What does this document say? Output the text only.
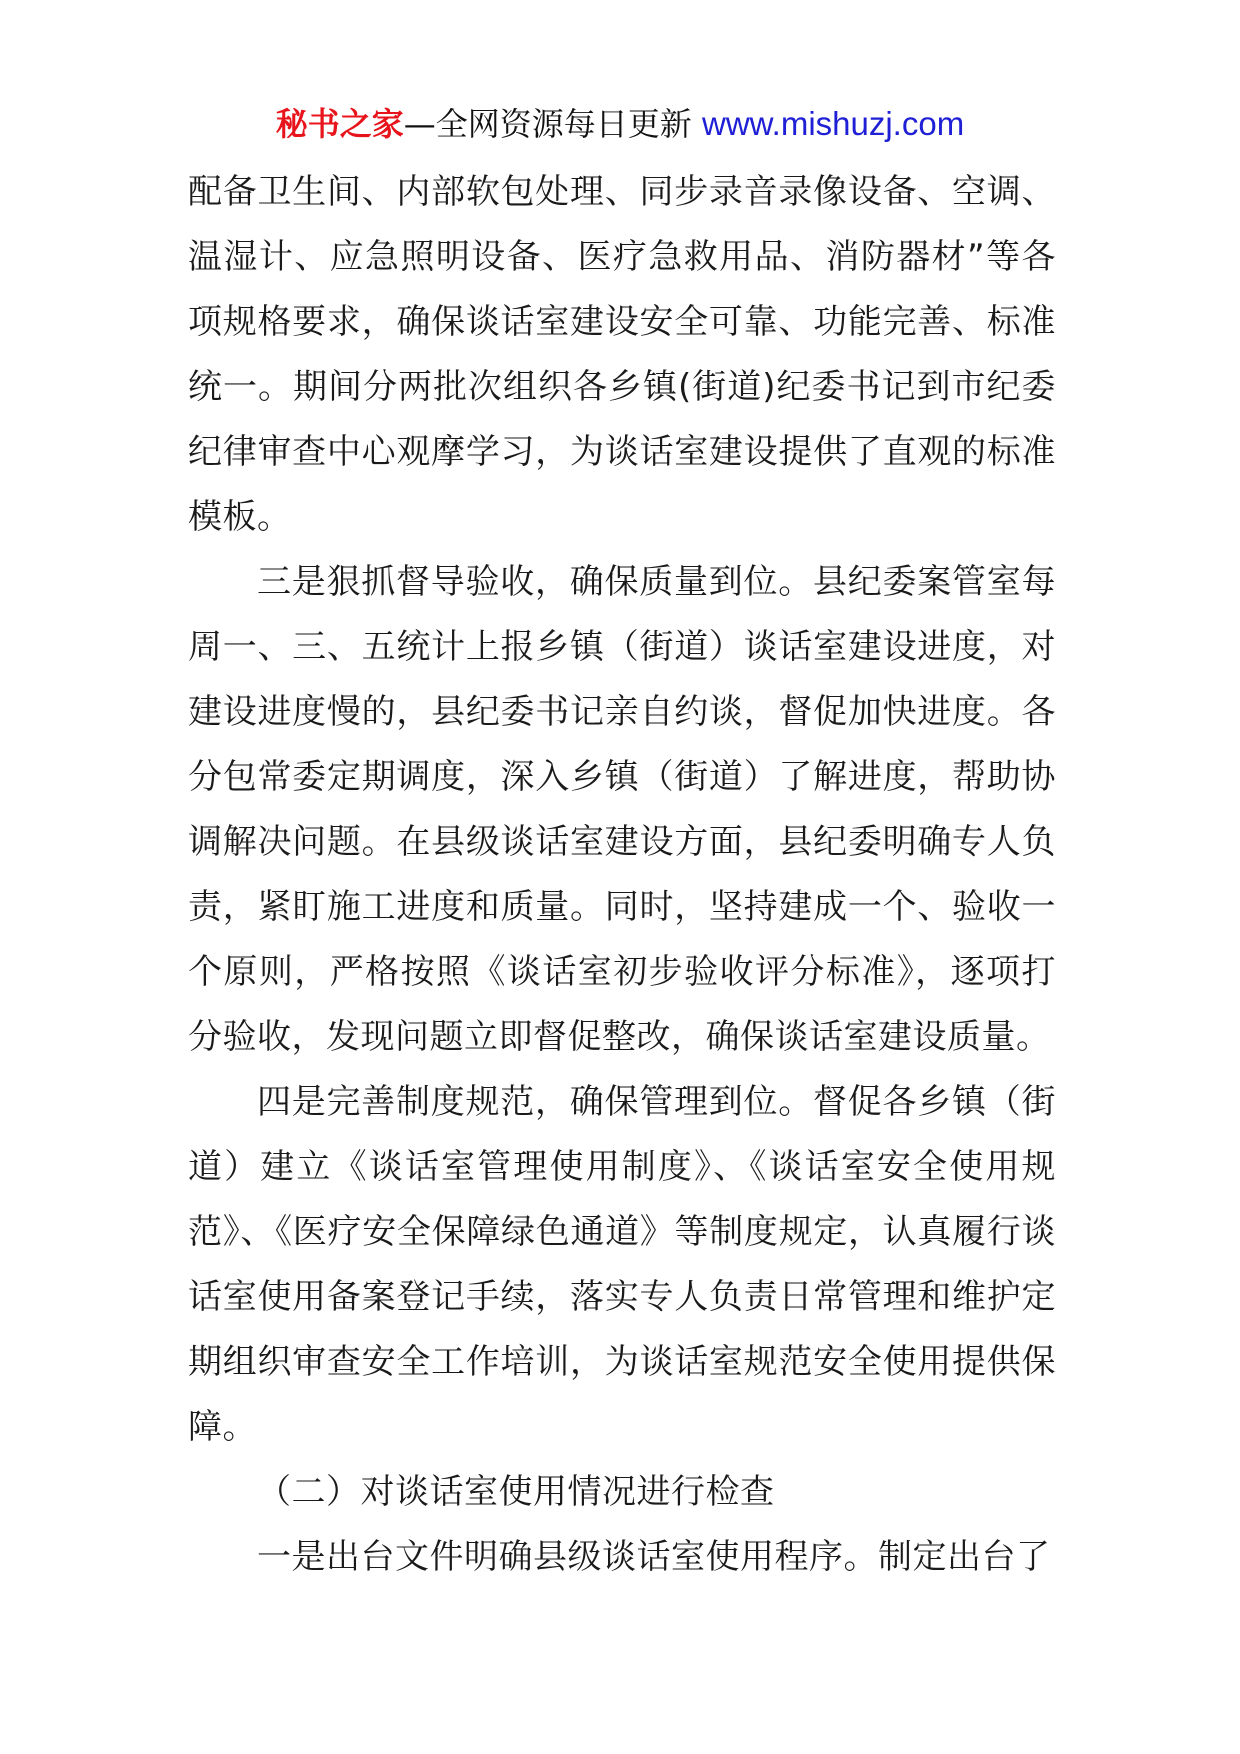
秘书之家—全网资源每日更新 www.mishuzj.com

配备卫生间、内部软包处理、同步录音录像设备、空调、温湿计、应急照明设备、医疗急救用品、消防器材”等各项规格要求，确保谈话室建设安全可靠、功能完善、标准统一。期间分两批次组织各乡镇(街道)纪委书记到市纪委纪律审查中心观摩学习，为谈话室建设提供了直观的标准模板。

三是狠抓督导验收，确保质量到位。县纪委案管室每周一、三、五统计上报乡镇（街道）谈话室建设进度，对建设进度慢的，县纪委书记亲自约谈，督促加快进度。各分包常委定期调度，深入乡镇（街道）了解进度，帮助协调解决问题。在县级谈话室建设方面，县纪委明确专人负责，紧盯施工进度和质量。同时，坚持建成一个、验收一个原则，严格按照《谈话室初步验收评分标准》，逐项打分验收，发现问题立即督促整改，确保谈话室建设质量。

四是完善制度规范，确保管理到位。督促各乡镇（街道）建立《谈话室管理使用制度》、《谈话室安全使用规范》、《医疗安全保障绿色通道》等制度规定，认真履行谈话室使用备案登记手续，落实专人负责日常管理和维护定期组织审查安全工作培训，为谈话室规范安全使用提供保障。

（二）对谈话室使用情况进行检查

一是出台文件明确县级谈话室使用程序。制定出台了
